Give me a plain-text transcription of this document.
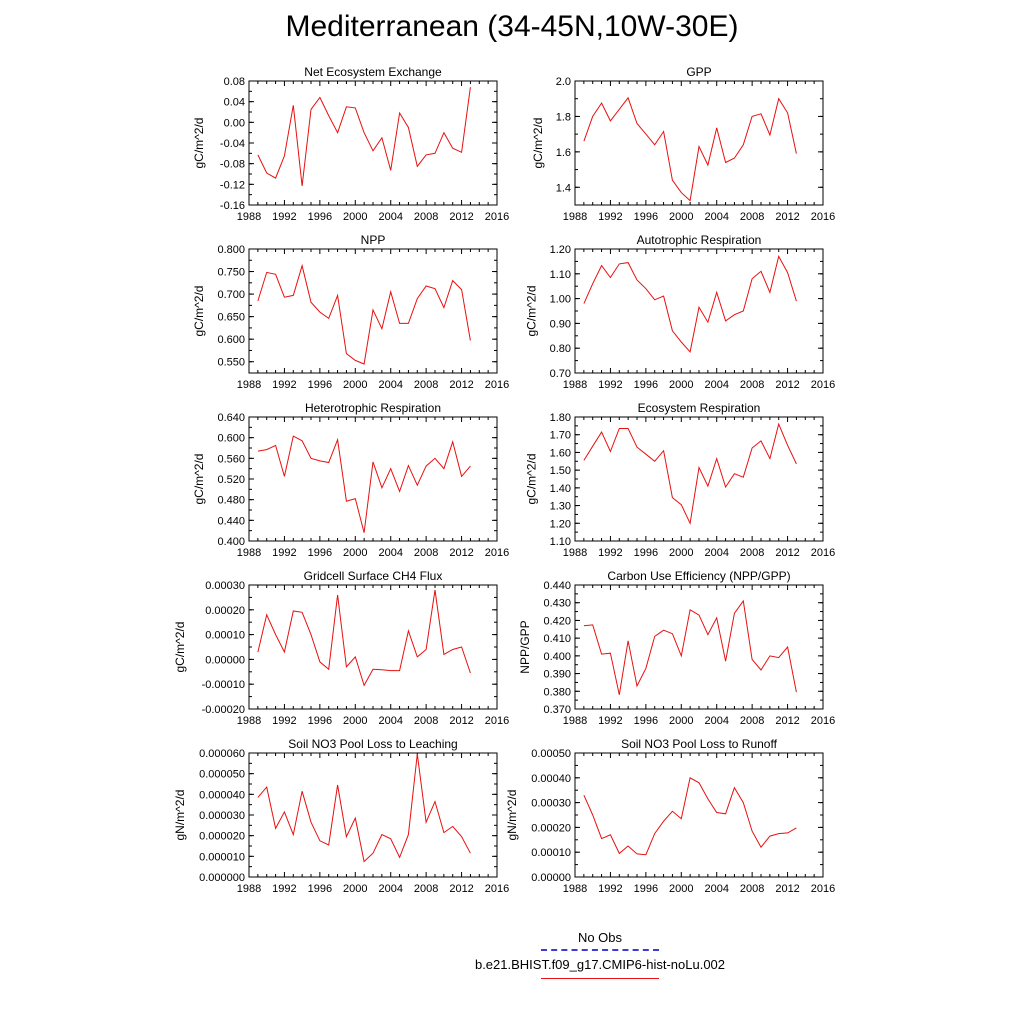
Mediterranean (34-45N,10W-30E)
Net Ecosystem Exchange
1988 1992 1996 2000 2004 2008 2012 2016
0.08
0.04
0.00
-0.04
-0.08
-0.12
-0.16
gC/m^2/d
GPP
1988 1992 1996 2000 2004 2008 2012 2016
2.0
1.8
1.6
1.4
gC/m^2/d
NPP
1988 1992 1996 2000 2004 2008 2012 2016
0.800
0.750
0.700
0.650
0.600
0.550
gC/m^2/d
Autotrophic Respiration
1988 1992 1996 2000 2004 2008 2012 2016
1.20
1.10
1.00
0.90
0.80
0.70
gC/m^2/d
Heterotrophic Respiration
1988 1992 1996 2000 2004 2008 2012 2016
0.640
0.600
0.560
0.520
0.480
0.440
0.400
gC/m^2/d
Ecosystem Respiration
1988 1992 1996 2000 2004 2008 2012 2016
1.80
1.70
1.60
1.50
1.40
1.30
1.20
1.10
gC/m^2/d
Gridcell Surface CH4 Flux
1988 1992 1996 2000 2004 2008 2012 2016
0.00030
0.00020
0.00010
0.00000
-0.00010
-0.00020
gC/m^2/d
Carbon Use Efficiency (NPP/GPP)
1988 1992 1996 2000 2004 2008 2012 2016
0.440
0.430
0.420
0.410
0.400
0.390
0.380
0.370
NPP/GPP
Soil NO3 Pool Loss to Leaching
1988 1992 1996 2000 2004 2008 2012 2016
0.000060
0.000050
0.000040
0.000030
0.000020
0.000010
0.000000
gN/m^2/d
Soil NO3 Pool Loss to Runoff
1988 1992 1996 2000 2004 2008 2012 2016
0.00050
0.00040
0.00030
0.00020
0.00010
0.00000
gN/m^2/d
No Obs
b.e21.BHIST.f09_g17.CMIP6-hist-noLu.002
